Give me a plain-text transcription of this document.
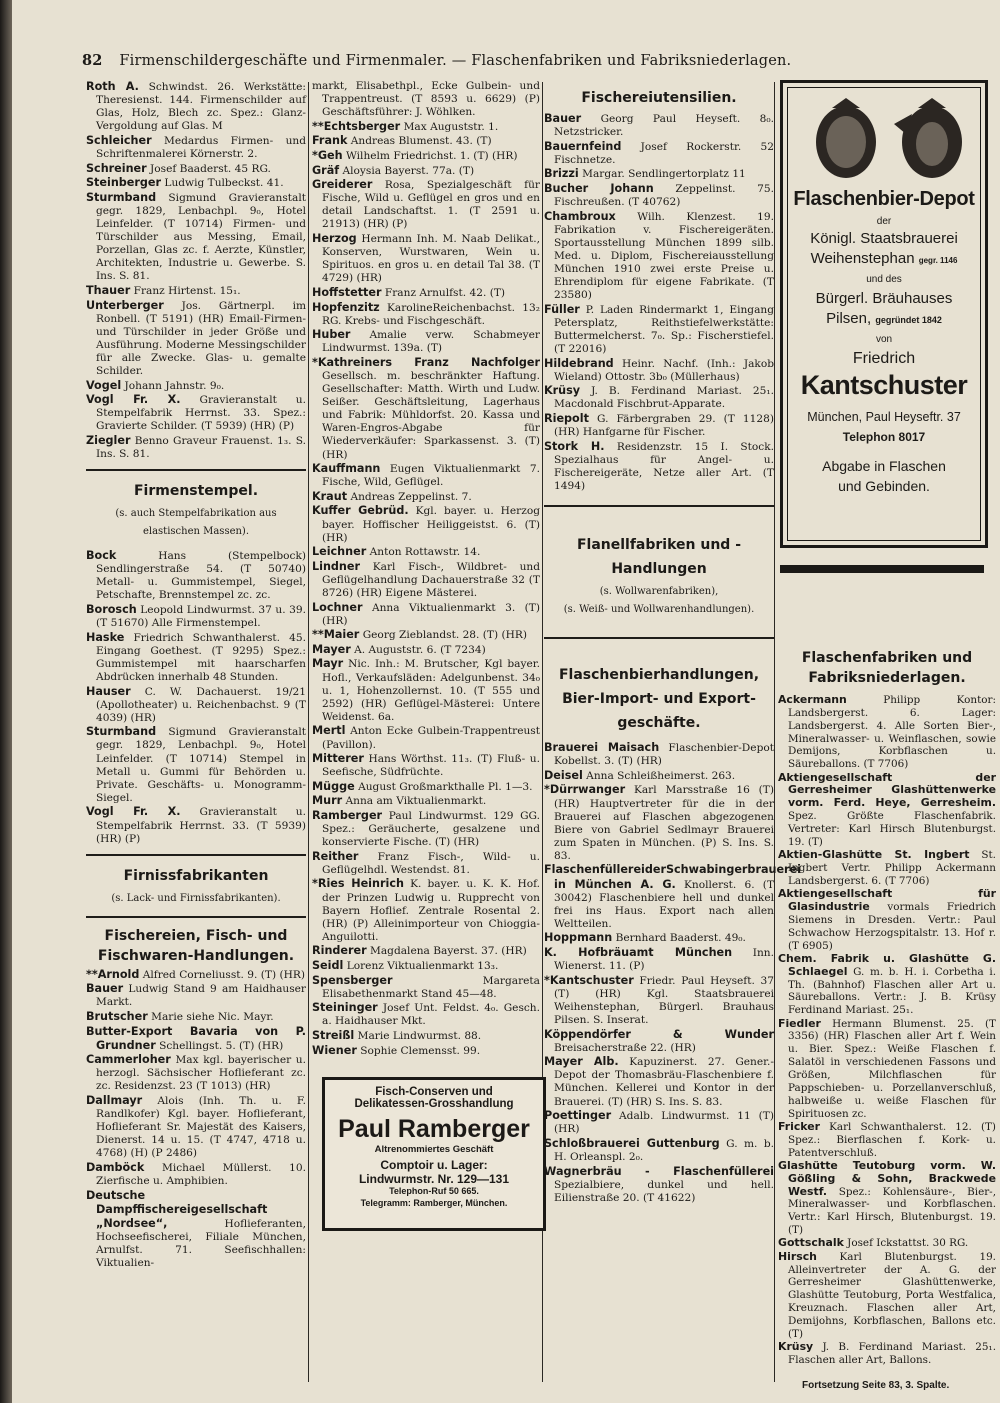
82 Firmenschildergeschäfte und Firmenmaler. — Flaschenfabriken und Fabriksniederlagen.
Roth A. Schwindst. 26. Werkstätte: Theresienst. 144. Firmenschilder auf Glas, Holz, Blech zc. Spez.: Glanz-Vergoldung auf Glas. M
Schleicher Medardus Firmen- und Schriftenmalerei Körnerstr. 2.
Schreiner Josef Baaderst. 45 RG.
Steinberger Ludwig Tulbeckst. 41.
Sturmband Sigmund Gravieranstalt gegr. 1829, Lenbachpl. 9₀, Hotel Leinfelder. (T 10714) Firmen- und Türschilder aus Messing, Email, Porzellan, Glas zc. f. Aerzte, Künstler, Architekten, Industrie u. Gewerbe. S. Ins. S. 81.
Thauer Franz Hirtenst. 15₁.
Unterberger Jos. Gärtnerpl. im Ronbell. (T 5191) (HR) Email-Firmen- und Türschilder in jeder Größe und Ausführung. Moderne Messingschilder für alle Zwecke. Glas- u. gemalte Schilder.
Vogel Johann Jahnstr. 9₀.
Vogl Fr. X. Gravieranstalt u. Stempelfabrik Herrnst. 33. Spez.: Gravierte Schilder. (T 5939) (HR) (P)
Ziegler Benno Graveur Frauenst. 1₃. S. Ins. S. 81.
Firmenstempel.
(s. auch Stempelfabrikation aus elastischen Massen).
Bock	Hans (Stempelbock) Sendlingerstraße 54. (T 50740) Metall- u. Gummistempel, Siegel, Petschafte, Brennstempel zc. zc.
Borosch Leopold Lindwurmst. 37 u. 39. (T 51670) Alle Firmenstempel.
Haske Friedrich Schwanthalerst. 45. Eingang Goethest. (T 9295) Spez.: Gummistempel mit haarscharfen Abdrücken innerhalb 48 Stunden.
Hauser C. W. Dachauerst. 19/21 (Apollotheater) u. Reichenbachst. 9 (T 4039) (HR)
Sturmband Sigmund Gravieranstalt gegr. 1829, Lenbachpl. 9₀, Hotel Leinfelder. (T 10714) Stempel in Metall u. Gummi für Behörden u. Private. Geschäfts- u. Monogramm-Siegel.
Vogl Fr. X. Gravieranstalt u. Stempelfabrik Herrnst. 33. (T 5939) (HR) (P)
Firnissfabrikanten
(s. Lack- und Firnissfabrikanten).
Fischereien, Fisch- und Fischwaren-Handlungen.
**Arnold Alfred Corneliusst. 9. (T) (HR)
Bauer Ludwig Stand 9 am Haidhauser Markt.
Brutscher Marie siehe Nic. Mayr.
Butter-Export Bavaria von P. Grundner Schellingst. 5. (T) (HR)
Cammerloher Max kgl. bayerischer u. herzogl. Sächsischer Hoflieferant zc. zc. Residenzst. 23 (T 1013) (HR)
Dallmayr Alois (Inh. Th. u. F. Randlkofer) Kgl. bayer. Hoflieferant, Hoflieferant Sr. Majestät des Kaisers, Dienerst. 14 u. 15. (T 4747, 4718 u. 4768) (H) (P 2486)
Damböck Michael Müllerst. 10. Zierfische u. Amphibien.
Deutsche Dampffischereigesellschaft „Nordsee“,	Hoflieferanten, Hochseefischerei, Filiale München, Arnulfst. 71. Seefischhallen: Viktualien-
markt, Elisabethpl., Ecke Gulbein- und Trappentreust. (T 8593 u. 6629) (P) Geschäftsführer: J. Wöhlken.
**Echtsberger Max Auguststr. 1.
Frank Andreas Blumenst. 43. (T)
*Geh Wilhelm Friedrichst. 1. (T) (HR)
Gräf Aloysia Bayerst. 77a. (T)
Greiderer Rosa, Spezialgeschäft für Fische, Wild u. Geflügel en gros und en detail Landschaftst. 1. (T 2591 u. 21913) (HR) (P)
Herzog Hermann Inh. M. Naab Delikat., Konserven, Wurstwaren, Wein u. Spirituos. en gros u. en detail Tal 38. (T 4729) (HR)
Hoffstetter Franz Arnulfst. 42. (T)
Hopfenzitz KarolineReichenbachst. 13₂ RG. Krebs- und Fischgeschäft.
Huber Amalie verw. Schabmeyer Lindwurmst. 139a. (T)
*Kathreiners Franz Nachfolger Gesellsch. m. beschränkter Haftung. Gesellschafter: Matth. Wirth und Ludw. Seißer. Geschäftsleitung, Lagerhaus und Fabrik: Mühldorfst. 20. Kassa und Waren-Engros-Abgabe für Wiederverkäufer: Sparkassenst. 3. (T) (HR)
Kauffmann Eugen Viktualienmarkt 7. Fische, Wild, Geflügel.
Kraut Andreas Zeppelinst. 7.
Kuffer Gebrüd. Kgl. bayer. u. Herzog bayer. Hoffischer Heiliggeistst. 6. (T) (HR)
Leichner Anton Rottawstr. 14.
Lindner Karl Fisch-, Wildbret- und Geflügelhandlung Dachauerstraße 32 (T 8726) (HR) Eigene Mästerei.
Lochner Anna Viktualienmarkt 3. (T) (HR)
**Maier Georg Zieblandst. 28. (T) (HR)
Mayer A. Auguststr. 6. (T 7234)
Mayr Nic. Inh.: M. Brutscher, Kgl bayer. Hofl., Verkaufsläden: Adelgunbenst. 34₀ u. 1, Hohenzollernst. 10. (T 555 und 2592) (HR) Geflügel-Mästerei: Untere Weidenst. 6a.
Mertl Anton Ecke Gulbein-Trappentreust (Pavillon).
Mitterer Hans Wörthst. 11₃. (T) Fluß- u. Seefische, Südfrüchte.
Mügge August Großmarkthalle Pl. 1—3.
Murr Anna am Viktualienmarkt.
Ramberger Paul Lindwurmst. 129 GG. Spez.: Geräucherte, gesalzene und konservierte Fische. (T) (HR)
Reither Franz Fisch-, Wild- u. Geflügelhdl. Westendst. 81.
*Ries Heinrich K. bayer. u. K. K. Hof. der Prinzen Ludwig u. Rupprecht von Bayern Hoflief. Zentrale Rosental 2. (HR) (P) Alleinimporteur von Chioggia-Anguilotti.
Rinderer Magdalena Bayerst. 37. (HR)
Seidl Lorenz Viktualienmarkt 13₃.
Spensberger	Margareta Elisabethenmarkt Stand 45—48.
Steininger Josef Unt. Feldst. 4₀. Gesch. a. Haidhauser Mkt.
Streißl Marie Lindwurmst. 88.
Wiener Sophie Clemensst. 99.
Fisch-Conserven und
Delikatessen-Grosshandlung
Paul Ramberger
Altrenommiertes Geschäft
Comptoir u. Lager:
Lindwurmstr. Nr. 129—131
Telephon-Ruf 50 665.
Telegramm: Ramberger, München.
Fischereiutensilien.
Bauer Georg Paul Heyseft. 8₀. Netzstricker.
Bauernfeind Josef Rockerstr. 52 Fischnetze.
Brizzi Margar. Sendlingertorplatz 11
Bucher Johann Zeppelinst. 75. Fischreußen. (T 40762)
Chambroux Wilh. Klenzest. 19. Fabrikation v. Fischereigeräten. Sportausstellung München 1899 silb. Med. u. Diplom, Fischereiausstellung München 1910 zwei erste Preise u. Ehrendiplom für eigene Fabrikate. (T 23580)
Füller P. Laden Rindermarkt 1, Eingang Petersplatz, Reithstiefelwerkstätte: Buttermelcherst. 7₀. Sp.: Fischerstiefel. (T 22016)
Hildebrand Heinr. Nachf. (Inh.: Jakob Wieland) Ottostr. 3b₀ (Müllerhaus)
Krüsy J. B. Ferdinand Mariast. 25₁. Macdonald Fischbrut-Apparate.
Riepolt G. Färbergraben 29. (T 1128) (HR) Hanfgarne für Fischer.
Stork H. Residenzstr. 15 I. Stock. Spezialhaus für Angel- u. Fischereigeräte, Netze aller Art. (T 1494)
Flanellfabriken und -Handlungen
(s. Wollwarenfabriken),
(s. Weiß- und Wollwarenhandlungen).
Flaschenbierhandlungen, Bier-Import- und Export-geschäfte.
Brauerei Maisach Flaschenbier-Depot Kobellst. 3. (T) (HR)
Deisel Anna Schleißheimerst. 263.
*Dürrwanger Karl Marsstraße 16 (T) (HR) Hauptvertreter für die in der Brauerei auf Flaschen abgezogenen Biere von Gabriel Sedlmayr Brauerei zum Spaten in München. (P) S. Ins. S. 83.
FlaschenfüllereiderSchwabingerbrauerei in München A. G. Knollerst. 6. (T 30042) Flaschenbiere hell und dunkel frei ins Haus. Export nach allen Weltteilen.
Hoppmann Bernhard Baaderst. 49₀.
K. Hofbräuamt München Inn. Wienerst. 11. (P)
*Kantschuster Friedr. Paul Heyseft. 37 (T) (HR) Kgl. Staatsbrauerei Weihenstephan, Bürgerl. Brauhaus Pilsen. S. Inserat.
Köppendörfer & Wunder Breisacherstraße 22. (HR)
Mayer Alb. Kapuzinerst. 27. Gener.-Depot der Thomasbräu-Flaschenbiere f. München. Kellerei und Kontor in der Brauerei. (T) (HR) S. Ins. S. 83.
Poettinger Adalb. Lindwurmst. 11 (T) (HR)
Schloßbrauerei Guttenburg G. m. b. H. Orleanspl. 2₀.
Wagnerbräu - Flaschenfüllerei Spezialbiere, dunkel und hell. Eilienstraße 20. (T 41622)
Flaschenbier-Depot
der
Königl. Staatsbrauerei
Weihenstephan gegr. 1146
und des
Bürgerl. Bräuhauses
Pilsen, gegründet 1842
von
Friedrich
Kantschuster
München, Paul Heyseftr. 37
Telephon 8017
Abgabe in Flaschen
und Gebinden.
Flaschenfabriken und Fabriksniederlagen.
Ackermann	Philipp Kontor: Landsbergerst. 6. Lager: Landsbergerst. 4. Alle Sorten Bier-, Mineralwasser- u. Weinflaschen, sowie Demijons, Korbflaschen u. Säureballons. (T 7706)
Aktiengesellschaft der Gerresheimer Glashüttenwerke vorm. Ferd. Heye, Gerresheim. Spez. Größte Flaschenfabrik. Vertreter: Karl Hirsch Blutenburgst. 19. (T)
Aktien-Glashütte St. Ingbert St. Ingbert Vertr. Philipp Ackermann Landsbergerst. 6. (T 7706)
Aktiengesellschaft für Glasindustrie vormals Friedrich Siemens in Dresden. Vertr.: Paul Schwachow Herzogspitalstr. 13. Hof r. (T 6905)
Chem. Fabrik u. Glashütte G. Schlaegel G. m. b. H. i. Corbetha i. Th. (Bahnhof) Flaschen aller Art u. Säureballons. Vertr.: J. B. Krüsy Ferdinand Mariast. 25₁.
Fiedler Hermann Blumenst. 25. (T 3356) (HR) Flaschen aller Art f. Wein u. Bier. Spez.: Weiße Flaschen f. Salatöl in verschiedenen Fassons und Größen, Milchflaschen für Pappschieben- u. Porzellanverschluß, halbweiße u. weiße Flaschen für Spirituosen zc.
Fricker Karl Schwanthalerst. 12. (T) Spez.: Bierflaschen f. Kork- u. Patentverschluß.
Glashütte Teutoburg vorm. W. Gößling & Sohn, Brackwede Westf. Spez.: Kohlensäure-, Bier-, Mineralwasser- und Korbflaschen. Vertr.: Karl Hirsch, Blutenburgst. 19. (T)
Gottschalk Josef Ickstattst. 30 RG.
Hirsch Karl Blutenburgst. 19. Alleinvertreter der A. G. der Gerresheimer Glashüttenwerke, Glashütte Teutoburg, Porta Westfalica, Kreuznach. Flaschen aller Art, Demijohns, Korbflaschen, Ballons etc. (T)
Krüsy J. B. Ferdinand Mariast. 25₁. Flaschen aller Art, Ballons.
Fortsetzung Seite 83, 3. Spalte.
